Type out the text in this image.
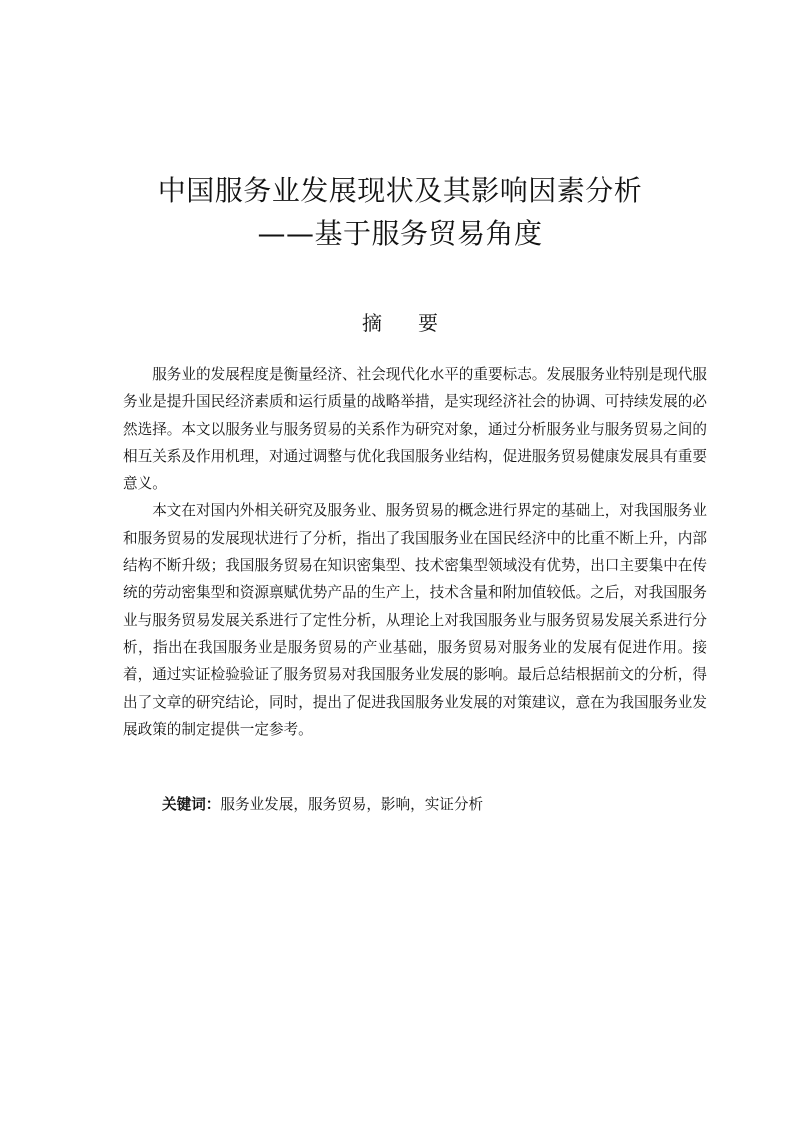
中国服务业发展现状及其影响因素分析
——基于服务贸易角度
摘要

服务业的发展程度是衡量经济、社会现代化水平的重要标志。发展服务业特别是现代服务业是提升国民经济素质和运行质量的战略举措，是实现经济社会的协调、可持续发展的必然选择。本文以服务业与服务贸易的关系作为研究对象，通过分析服务业与服务贸易之间的相互关系及作用机理，对通过调整与优化我国服务业结构，促进服务贸易健康发展具有重要意义。

本文在对国内外相关研究及服务业、服务贸易的概念进行界定的基础上，对我国服务业和服务贸易的发展现状进行了分析，指出了我国服务业在国民经济中的比重不断上升，内部结构不断升级；我国服务贸易在知识密集型、技术密集型领域没有优势，出口主要集中在传统的劳动密集型和资源禀赋优势产品的生产上，技术含量和附加值较低。之后，对我国服务业与服务贸易发展关系进行了定性分析，从理论上对我国服务业与服务贸易发展关系进行分析，指出在我国服务业是服务贸易的产业基础，服务贸易对服务业的发展有促进作用。接着，通过实证检验验证了服务贸易对我国服务业发展的影响。最后总结根据前文的分析，得出了文章的研究结论，同时，提出了促进我国服务业发展的对策建议，意在为我国服务业发展政策的制定提供一定参考。

关键词：服务业发展，服务贸易，影响，实证分析
